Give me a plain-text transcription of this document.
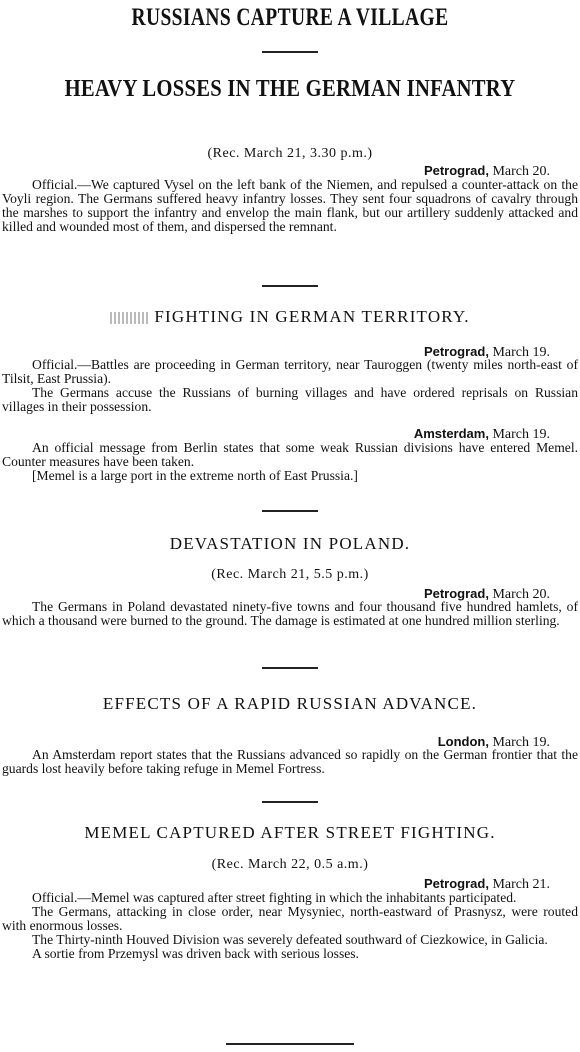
RUSSIANS CAPTURE A VILLAGE
HEAVY LOSSES IN THE GERMAN INFANTRY
(Rec. March 21, 3.30 p.m.)
Petrograd, March 20.

Official.—We captured Vysel on the left bank of the Niemen, and repulsed a counter-attack on the Voyli region. The Germans suffered heavy infantry losses. They sent four squadrons of cavalry through the marshes to support the infantry and envelop the main flank, but our artillery suddenly attacked and killed and wounded most of them, and dispersed the remnant.

FIGHTING IN GERMAN TERRITORY.
Petrograd, March 19.

Official.—Battles are proceeding in German territory, near Tauroggen (twenty miles north-east of Tilsit, East Prussia).

The Germans accuse the Russians of burning villages and have ordered reprisals on Russian villages in their possession.

Amsterdam, March 19.

An official message from Berlin states that some weak Russian divisions have entered Memel. Counter measures have been taken.

[Memel is a large port in the extreme north of East Prussia.]

DEVASTATION IN POLAND.
(Rec. March 21, 5.5 p.m.)
Petrograd, March 20.

The Germans in Poland devastated ninety-five towns and four thousand five hundred hamlets, of which a thousand were burned to the ground. The damage is estimated at one hundred million sterling.

EFFECTS OF A RAPID RUSSIAN ADVANCE.
London, March 19.

An Amsterdam report states that the Russians advanced so rapidly on the German frontier that the guards lost heavily before taking refuge in Memel Fortress.

MEMEL CAPTURED AFTER STREET FIGHTING.
(Rec. March 22, 0.5 a.m.)
Petrograd, March 21.

Official.—Memel was captured after street fighting in which the inhabitants participated.

The Germans, attacking in close order, near Mysyniec, north-eastward of Prasnysz, were routed with enormous losses.

The Thirty-ninth Houved Division was severely defeated southward of Ciezkowice, in Galicia.

A sortie from Przemysl was driven back with serious losses.
